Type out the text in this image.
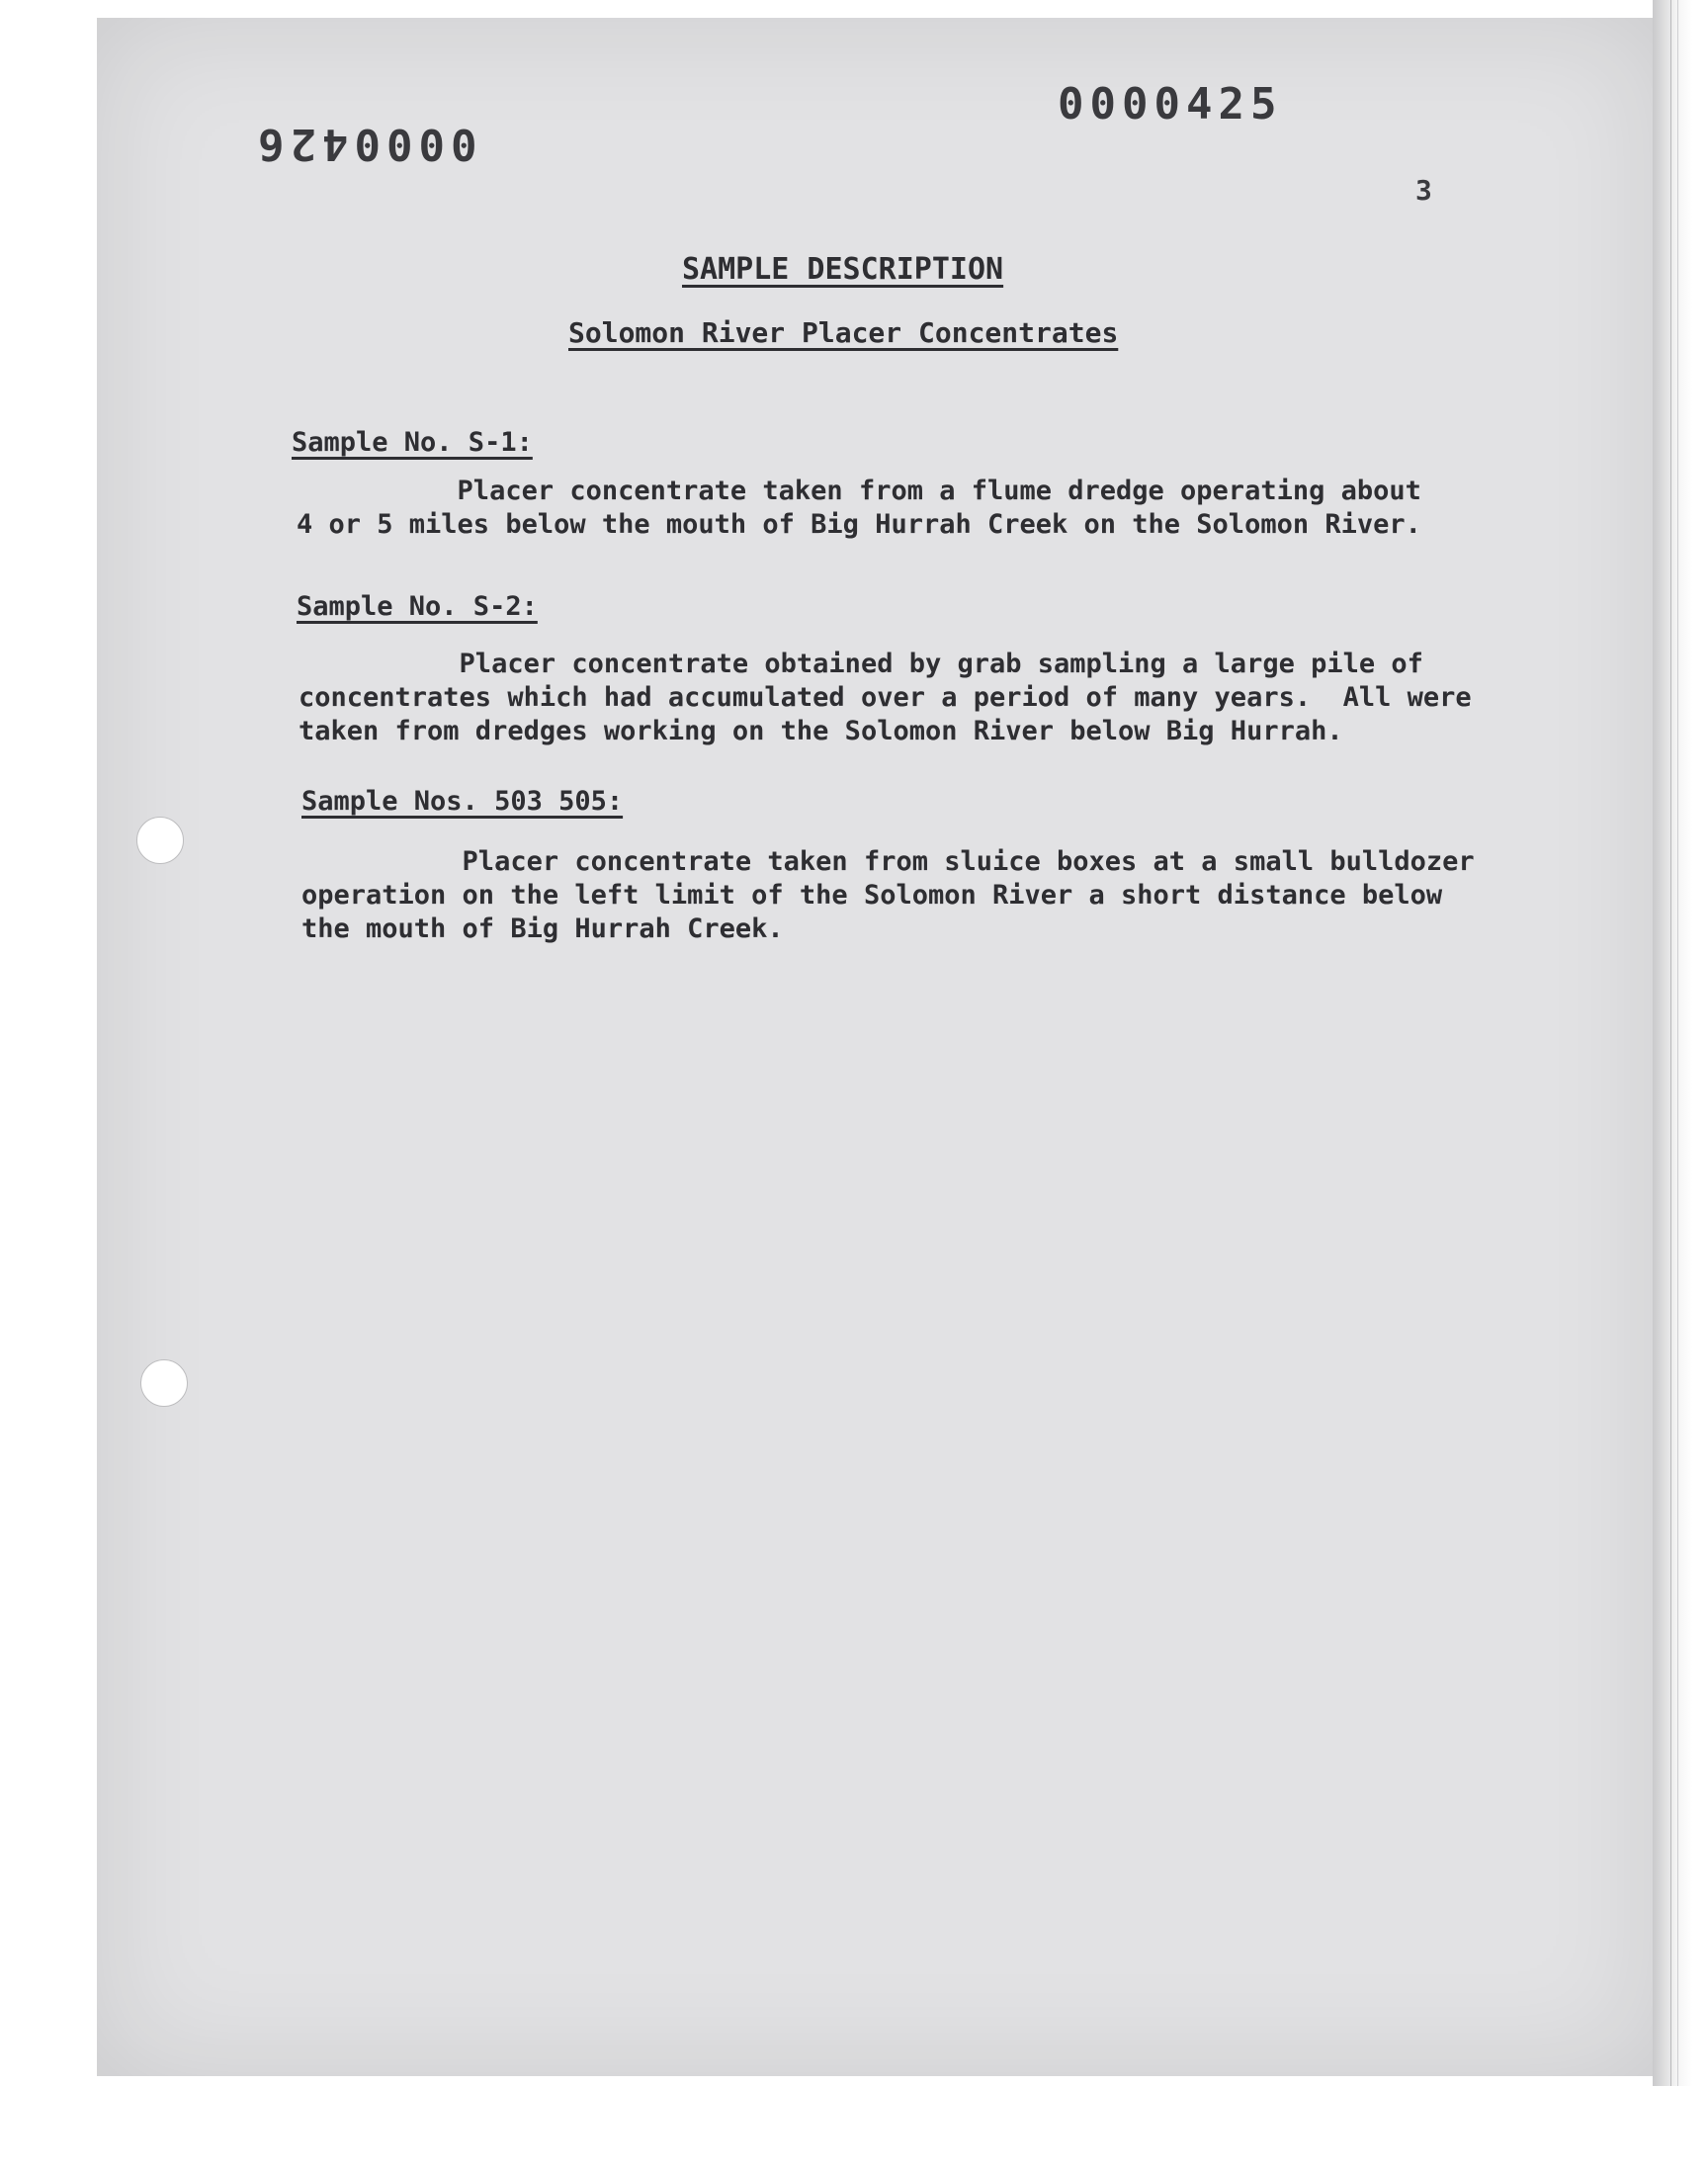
0000425
0000426
3
SAMPLE DESCRIPTION
Solomon River Placer Concentrates
Sample No. S-1:
Placer concentrate taken from a flume dredge operating about
4 or 5 miles below the mouth of Big Hurrah Creek on the Solomon River.
Sample No. S-2:
Placer concentrate obtained by grab sampling a large pile of
concentrates which had accumulated over a period of many years.  All were
taken from dredges working on the Solomon River below Big Hurrah.
Sample Nos. 503 505:
Placer concentrate taken from sluice boxes at a small bulldozer
operation on the left limit of the Solomon River a short distance below
the mouth of Big Hurrah Creek.
